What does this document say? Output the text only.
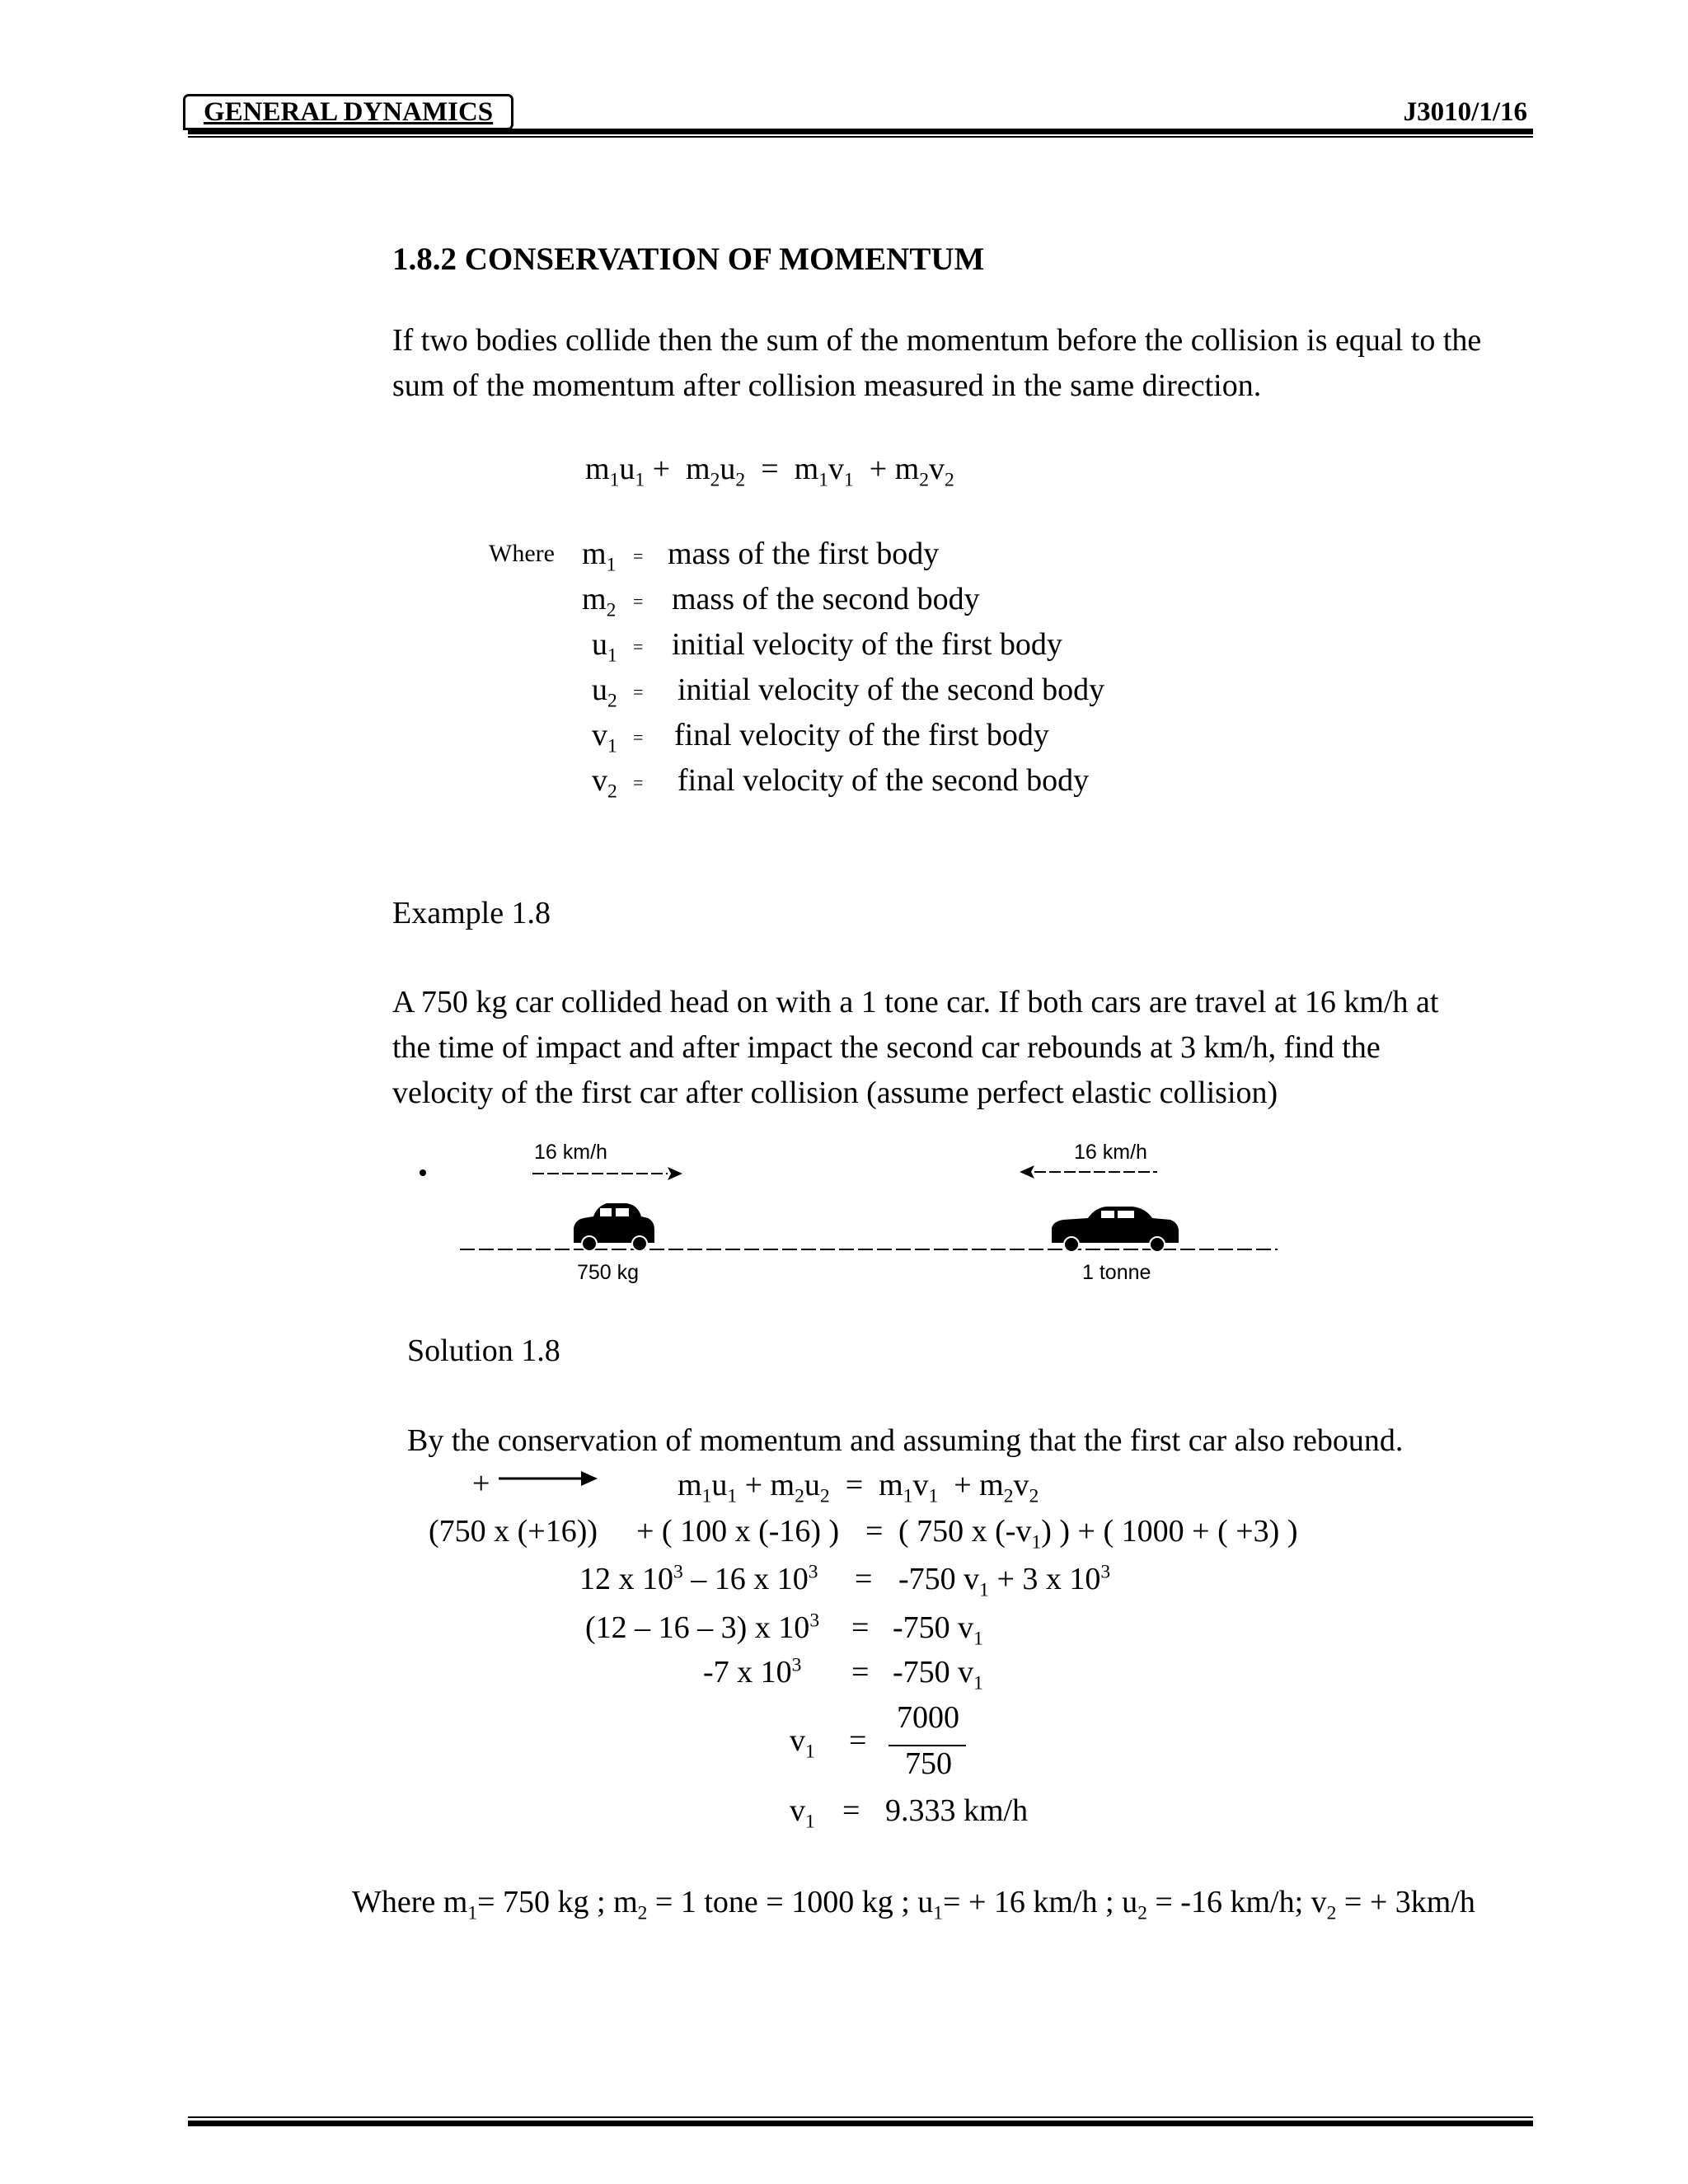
GENERAL DYNAMICS	J3010/1/16
1.8.2 CONSERVATION OF MOMENTUM
If two bodies collide then the sum of the momentum before the collision is equal to the
sum of the momentum after collision measured in the same direction.
$m_1u_1 + m_2u_2 = m_1v_1 + m_2v_2$
Where $m_1$ = mass of the first body
$m_2$ = mass of the second body
$u_1$ = initial velocity of the first body
$u_2$ = initial velocity of the second body
$v_1$ = final velocity of the first body
$v_2$ = final velocity of the second body
Example 1.8
A 750 kg car collided head on with a 1 tone car. If both cars are travel at 16 km/h at
the time of impact and after impact the second car rebounds at 3 km/h, find the
velocity of the first car after collision (assume perfect elastic collision)
16 km/h	16 km/h
750 kg	1 tonne
Solution 1.8
By the conservation of momentum and assuming that the first car also rebound.
+	$m_1u_1 + m_2u_2 = m_1v_1 + m_2v_2$
(750 x (+16)) + ( 100 x (-16) ) = ( 750 x $(-v_1)$ ) + ( 1000 + ( +3) )
12 x $10^3 - 16$ x $10^3 = -750$ $v_1 + 3$ x $10^3$
(12 – 16 – 3) x $10^3 = -750$ $v_1$
-7 x $10^3 = -750$ $v_1$
7000
750
$v_1$ =
$v_1 = 9.333$ km/h
Where $m_1= 750$ kg ; $m_2 = 1$ tone = 1000 kg ; $u_1= + 16$ km/h ; $u_2 = -16$ km/h; $v_2$ = + 3km/h
